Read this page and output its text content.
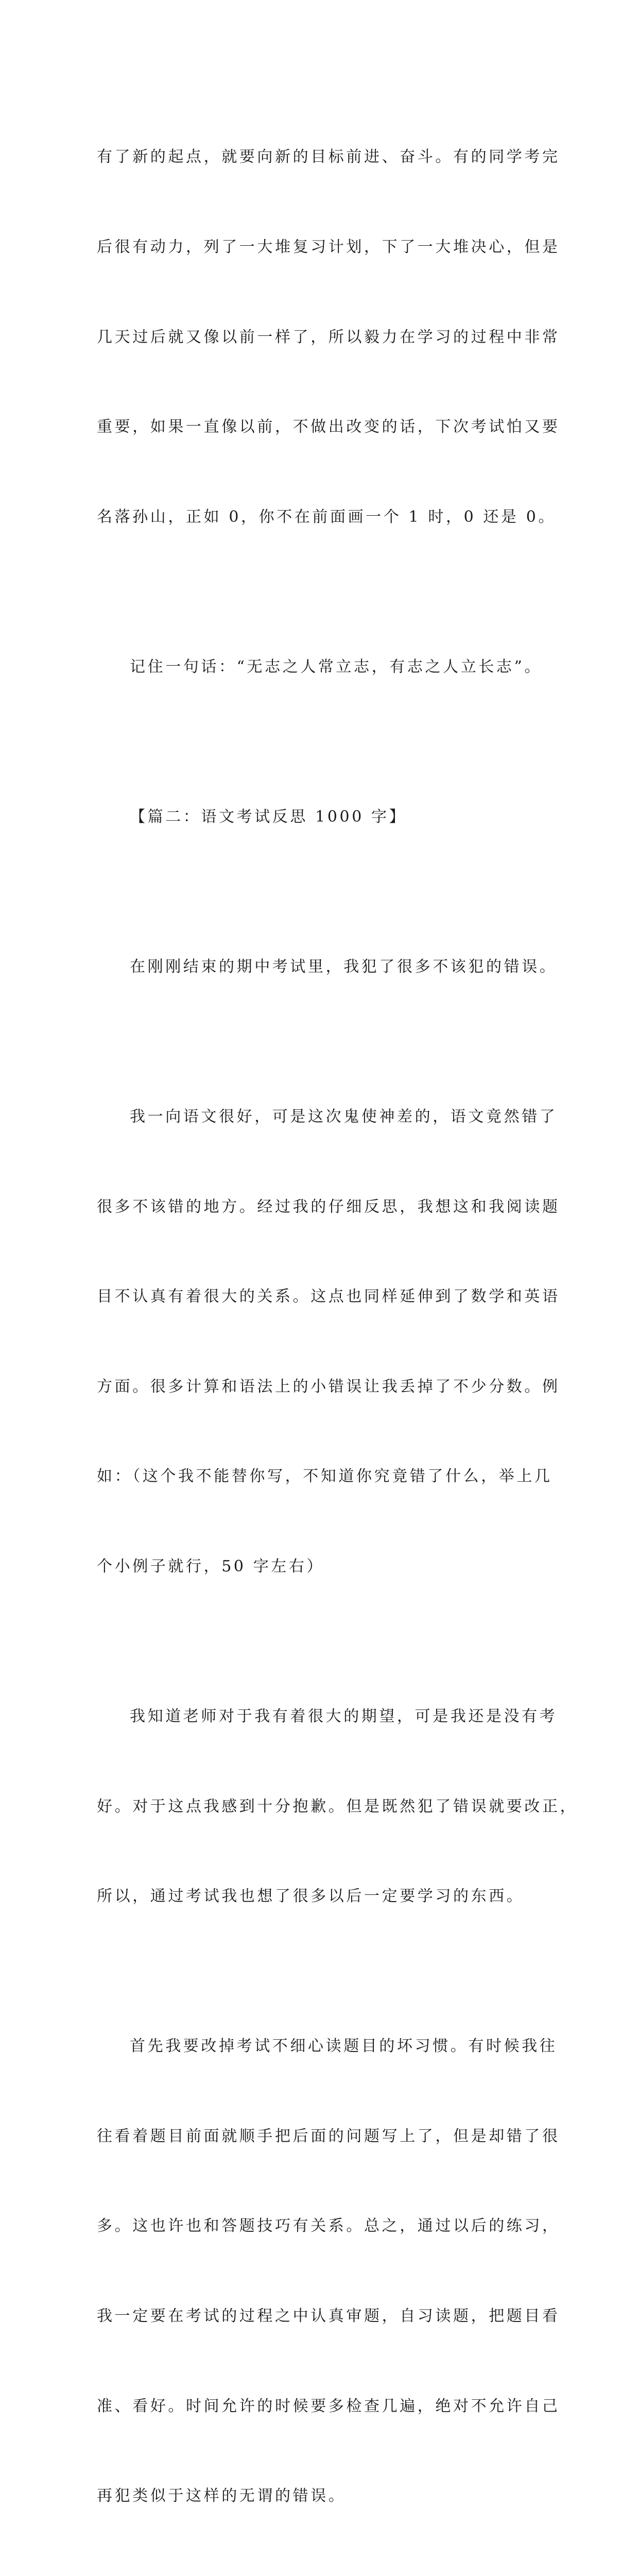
有了新的起点，就要向新的目标前进、奋斗。有的同学考完

后很有动力，列了一大堆复习计划，下了一大堆决心，但是

几天过后就又像以前一样了，所以毅力在学习的过程中非常

重要，如果一直像以前，不做出改变的话，下次考试怕又要

名落孙山，正如 0，你不在前面画一个 1 时，0 还是 0。

记住一句话：“无志之人常立志，有志之人立长志”。

【篇二：语文考试反思 1000 字】

在刚刚结束的期中考试里，我犯了很多不该犯的错误。

我一向语文很好，可是这次鬼使神差的，语文竟然错了

很多不该错的地方。经过我的仔细反思，我想这和我阅读题

目不认真有着很大的关系。这点也同样延伸到了数学和英语

方面。很多计算和语法上的小错误让我丢掉了不少分数。例

如：（这个我不能替你写，不知道你究竟错了什么，举上几

个小例子就行，50 字左右）

我知道老师对于我有着很大的期望，可是我还是没有考

好。对于这点我感到十分抱歉。但是既然犯了错误就要改正，

所以，通过考试我也想了很多以后一定要学习的东西。

首先我要改掉考试不细心读题目的坏习惯。有时候我往

往看着题目前面就顺手把后面的问题写上了，但是却错了很

多。这也许也和答题技巧有关系。总之，通过以后的练习，

我一定要在考试的过程之中认真审题，自习读题，把题目看

准、看好。时间允许的时候要多检查几遍，绝对不允许自己

再犯类似于这样的无谓的错误。
